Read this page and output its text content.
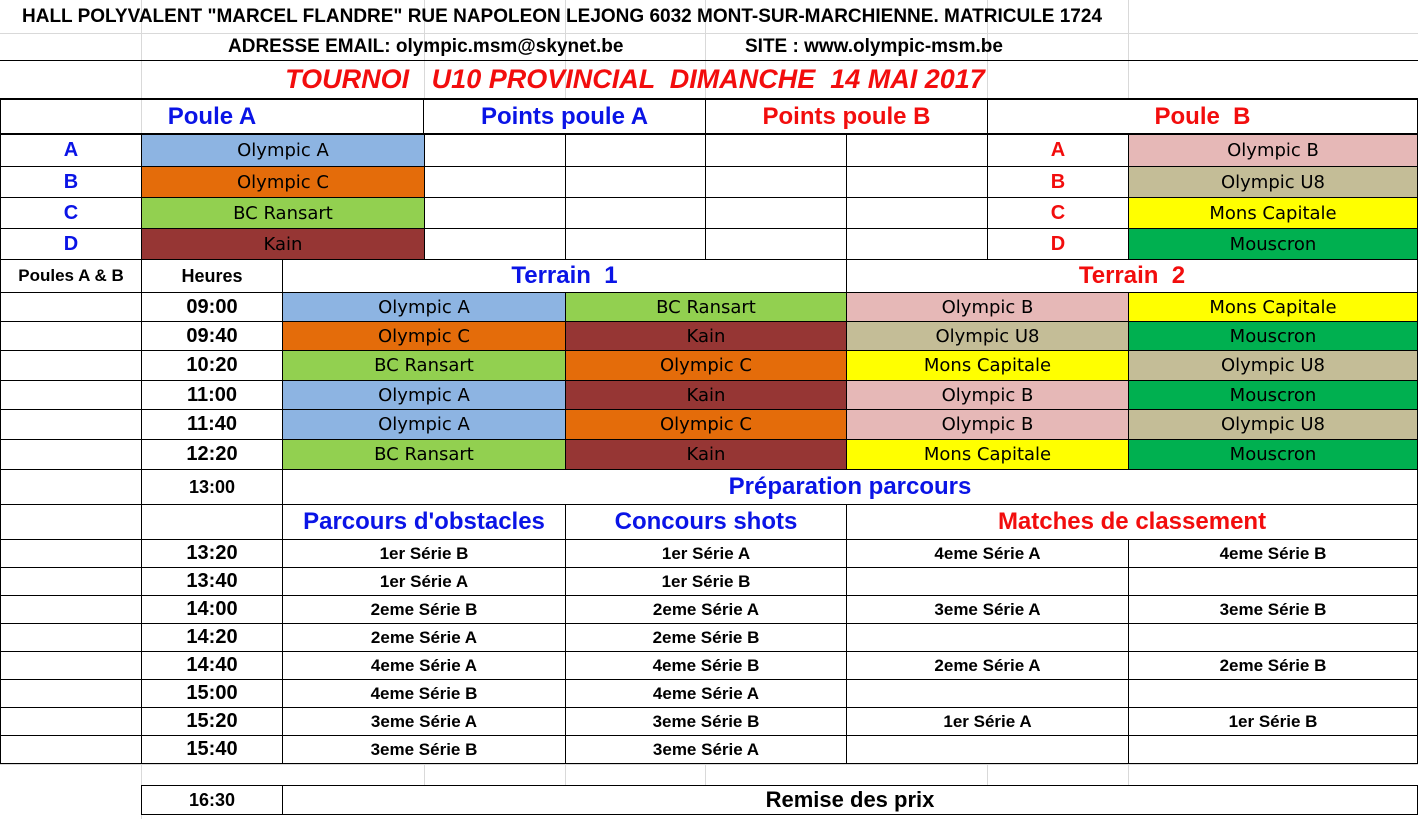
HALL POLYVALENT "MARCEL FLANDRE" RUE NAPOLEON LEJONG 6032 MONT-SUR-MARCHIENNE. MATRICULE 1724
ADRESSE EMAIL: olympic.msm@skynet.be	SITE : www.olympic-msm.be
TOURNOI   U10 PROVINCIAL  DIMANCHE  14 MAI 2017
Poule A	Points poule A	Points poule B	Poule  B
A	Olympic A	A	Olympic B
B	Olympic C	B	Olympic U8
C	BC Ransart	C	Mons Capitale
D	Kain	D	Mouscron
Poules A & B	Heures	Terrain  1	Terrain  2
09:00	Olympic A	BC Ransart	Olympic B	Mons Capitale
09:40	Olympic C	Kain	Olympic U8	Mouscron
10:20	BC Ransart	Olympic C	Mons Capitale	Olympic U8
11:00	Olympic A	Kain	Olympic B	Mouscron
11:40	Olympic A	Olympic C	Olympic B	Olympic U8
12:20	BC Ransart	Kain	Mons Capitale	Mouscron
13:00	Préparation parcours
Parcours d'obstacles	Concours shots	Matches de classement
13:20	1er Série B	1er Série A	4eme Série A	4eme Série B
13:40	1er Série A	1er Série B
14:00	2eme Série B	2eme Série A	3eme Série A	3eme Série B
14:20	2eme Série A	2eme Série B
14:40	4eme Série A	4eme Série B	2eme Série A	2eme Série B
15:00	4eme Série B	4eme Série A
15:20	3eme Série A	3eme Série B	1er Série A	1er Série B
15:40	3eme Série B	3eme Série A
16:30	Remise des prix
